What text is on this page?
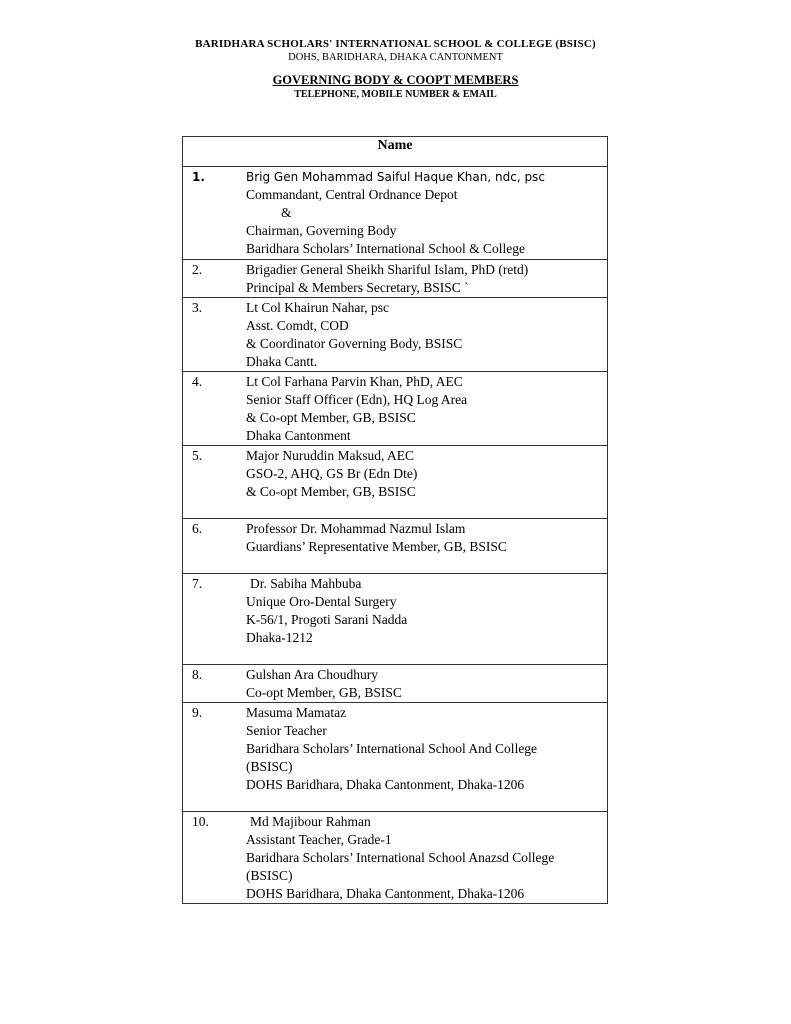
BARIDHARA SCHOLARS' INTERNATIONAL SCHOOL & COLLEGE (BSISC)
DOHS, BARIDHARA, DHAKA CANTONMENT
GOVERNING BODY & COOPT MEMBERS
TELEPHONE, MOBILE NUMBER & EMAIL
Name

1.	Brig Gen Mohammad Saiful Haque Khan, ndc, psc
Commandant, Central Ordnance Depot
&
Chairman, Governing Body
Baridhara Scholars’ International School & College

2.	Brigadier General Sheikh Shariful Islam, PhD (retd)
Principal & Members Secretary, BSISC `

3.	Lt Col Khairun Nahar, psc
Asst. Comdt, COD
& Coordinator Governing Body, BSISC
Dhaka Cantt.

4.	Lt Col Farhana Parvin Khan, PhD, AEC
Senior Staff Officer (Edn), HQ Log Area
& Co-opt Member, GB, BSISC
Dhaka Cantonment

5.	Major Nuruddin Maksud, AEC
GSO-2, AHQ, GS Br (Edn Dte)
& Co-opt Member, GB, BSISC

6.	Professor Dr. Mohammad Nazmul Islam
Guardians’ Representative Member, GB, BSISC

7.	Dr. Sabiha Mahbuba
Unique Oro-Dental Surgery
K-56/1, Progoti Sarani Nadda
Dhaka-1212

8.	Gulshan Ara Choudhury
Co-opt Member, GB, BSISC

9.	Masuma Mamataz
Senior Teacher
Baridhara Scholars’ International School And College
(BSISC)
DOHS Baridhara, Dhaka Cantonment, Dhaka-1206

10.	Md Majibour Rahman
Assistant Teacher, Grade-1
Baridhara Scholars’ International School Anazsd College
(BSISC)
DOHS Baridhara, Dhaka Cantonment, Dhaka-1206
